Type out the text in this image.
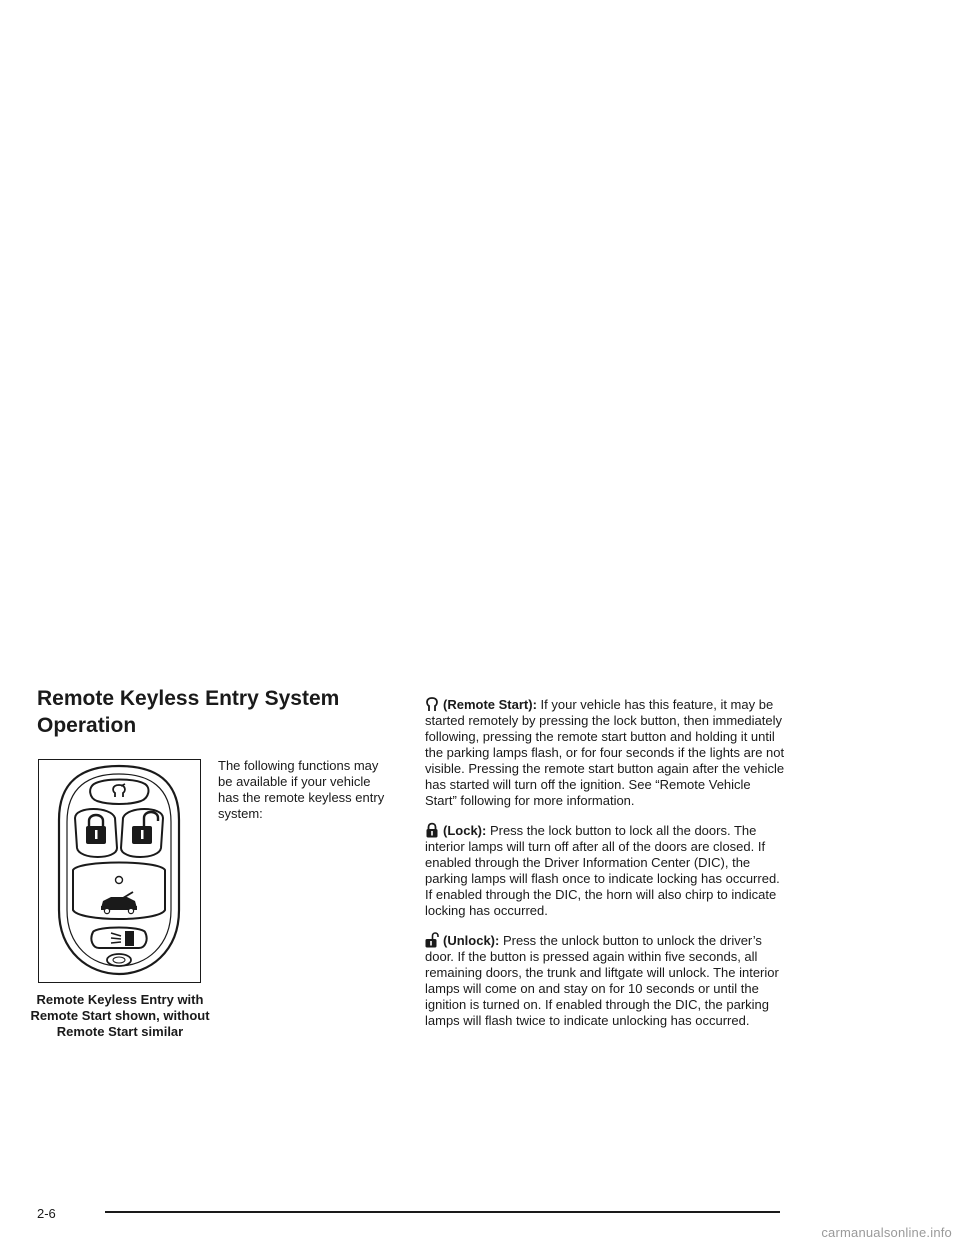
Remote Keyless Entry System
Operation
Remote Keyless Entry with Remote Start shown, without Remote Start similar
The following functions may be available if your vehicle has the remote keyless entry system:

(Remote Start): If your vehicle has this feature, it may be started remotely by pressing the lock button, then immediately following, pressing the remote start button and holding it until the parking lamps flash, or for four seconds if the lights are not visible. Pressing the remote start button again after the vehicle has started will turn off the ignition. See “Remote Vehicle Start” following for more information.

(Lock): Press the lock button to lock all the doors. The interior lamps will turn off after all of the doors are closed. If enabled through the Driver Information Center (DIC), the parking lamps will flash once to indicate locking has occurred. If enabled through the DIC, the horn will also chirp to indicate locking has occurred.

(Unlock): Press the unlock button to unlock the driver’s door. If the button is pressed again within five seconds, all remaining doors, the trunk and liftgate will unlock. The interior lamps will come on and stay on for 10 seconds or until the ignition is turned on. If enabled through the DIC, the parking lamps will flash twice to indicate unlocking has occurred.

2-6
carmanualsonline.info
